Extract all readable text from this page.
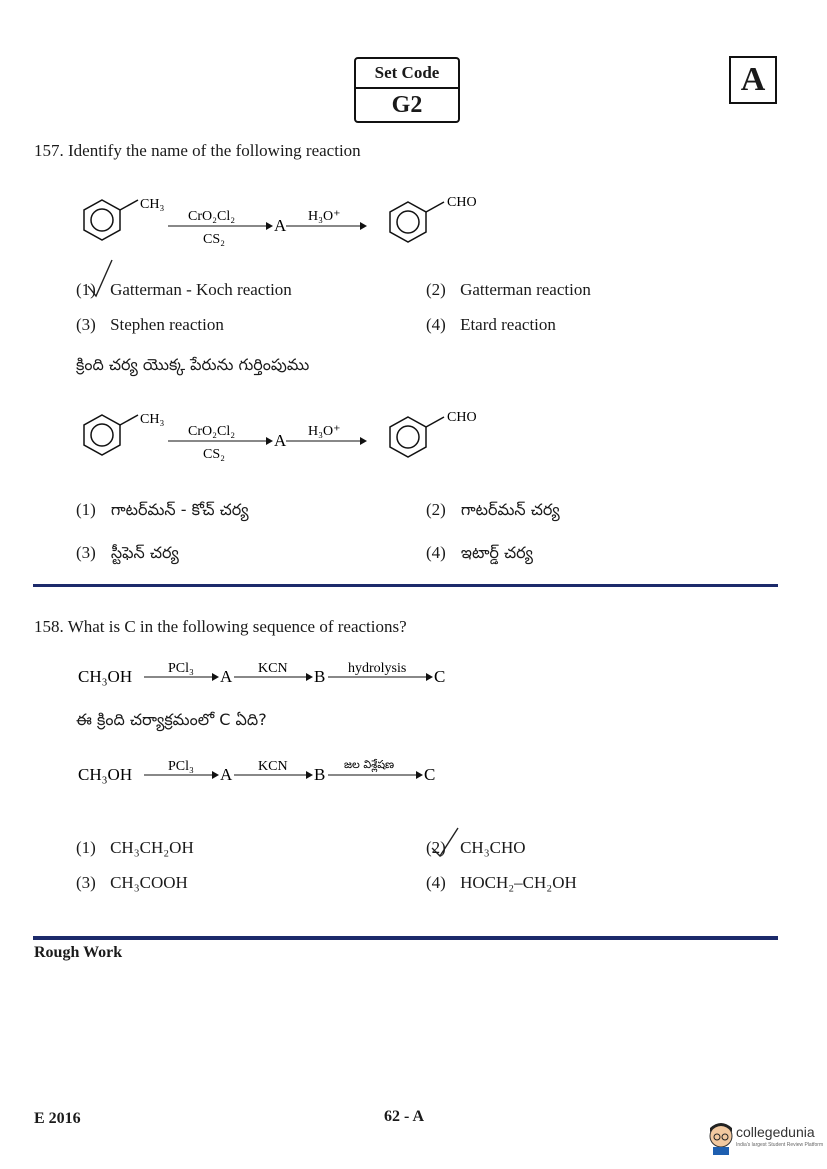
Set Code
G2
A
157. Identify the name of the following reaction
CH₃
CrO₂Cl₂
CS₂
A H₃O⁺
CHO
(1) Gatterman - Koch reaction	(2) Gatterman reaction
(3) Stephen reaction	(4) Etard reaction
క్రింది చర్య యొక్క పేరును గుర్తింపుము
CH₃
CrO₂Cl₂
CS₂
A H₃O⁺
CHO
(1) గాటర్‌మన్ - కోచ్ చర్య	(2) గాటర్‌మన్ చర్య
(3) స్టీఫెన్ చర్య	(4) ఇటార్డ్ చర్య
158. What is C in the following sequence of reactions?
CH₃OH	PCl₃ A KCN B hydrolysis C
ఈ క్రింది చర్యాక్రమంలో C ఏది?
CH₃OH	PCl₃ A KCN B
జల విశ్లేషణ
C
(1) CH₃CH₂OH	(2) CH₃CHO
(3) CH₃COOH	(4) HOCH₂–CH₂OH
Rough Work
E 2016	62 - A
collegedunia
India's largest Student Review Platform
